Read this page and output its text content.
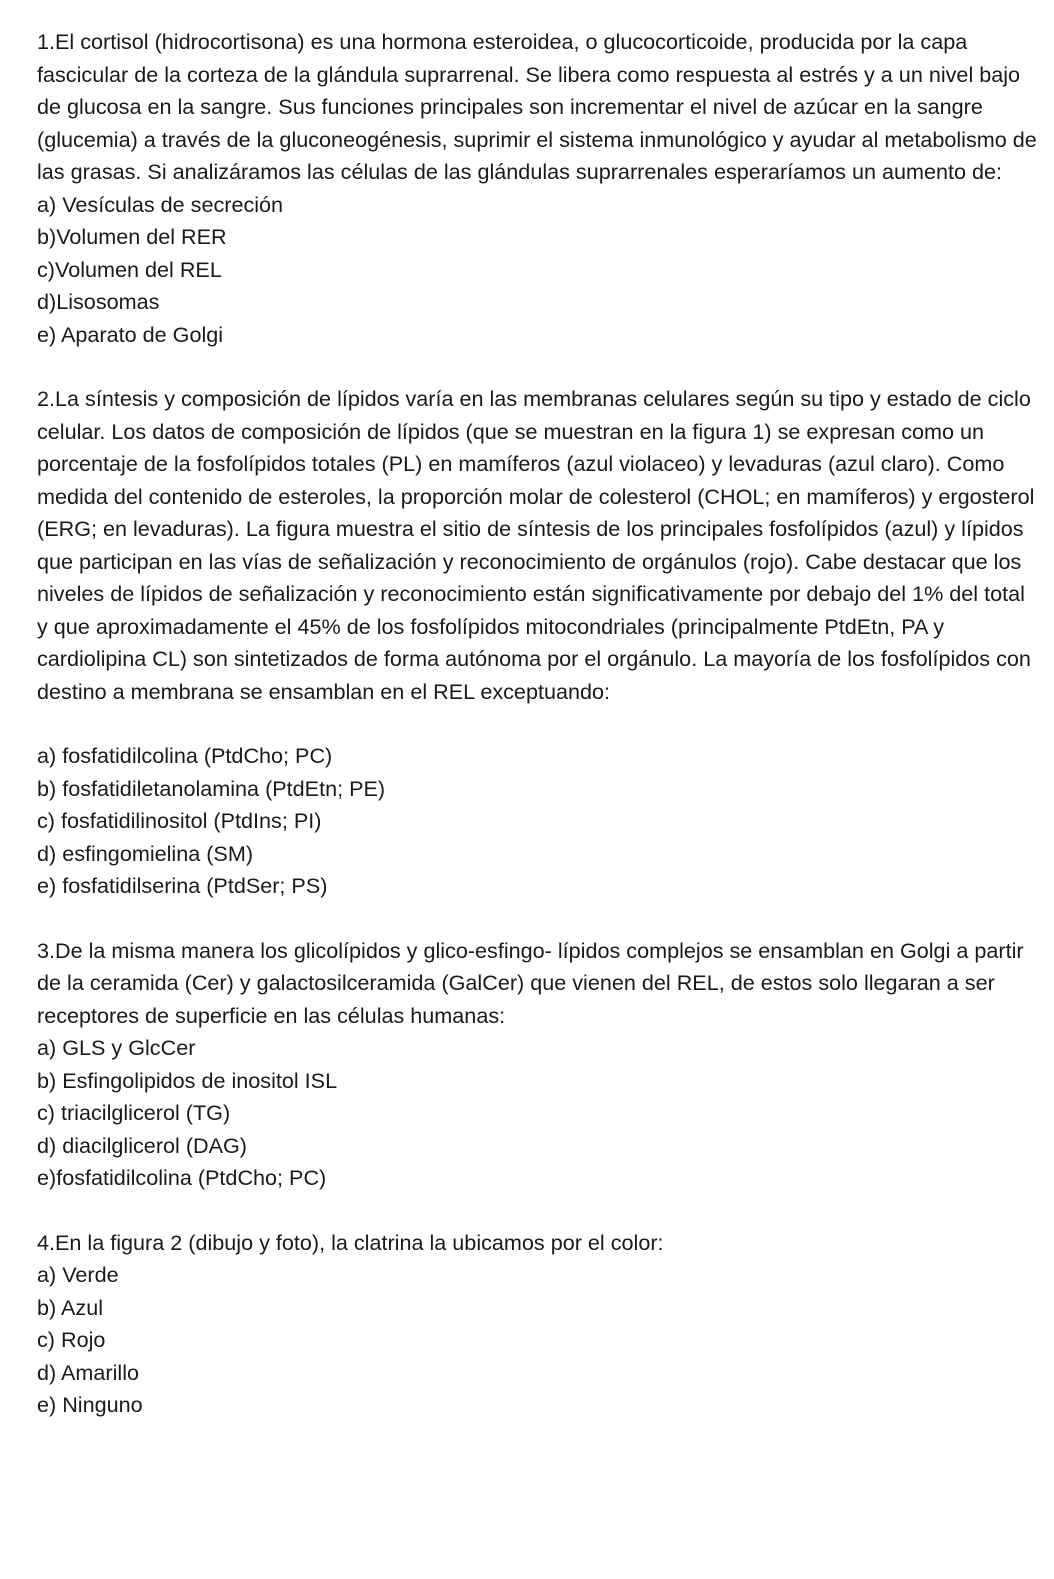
1.El cortisol (hidrocortisona) es una hormona esteroidea, o glucocorticoide, producida por la capa fascicular de la corteza de la glándula suprarrenal. Se libera como respuesta al estrés y a un nivel bajo de glucosa en la sangre. Sus funciones principales son incrementar el nivel de azúcar en la sangre (glucemia) a través de la gluconeogénesis, suprimir el sistema inmunológico y ayudar al metabolismo de las grasas. Si analizáramos las células de las glándulas suprarrenales esperaríamos un aumento de:

a) Vesículas de secreción
b)Volumen del RER
c)Volumen del REL
d)Lisosomas
e) Aparato de Golgi

2.La síntesis y composición de lípidos varía en las membranas celulares según su tipo y estado de ciclo celular. Los datos de composición de lípidos (que se muestran en la figura 1) se expresan como un porcentaje de la fosfolípidos totales (PL) en mamíferos (azul violaceo) y levaduras (azul claro). Como medida del contenido de esteroles, la proporción molar de colesterol (CHOL; en mamíferos) y ergosterol (ERG; en levaduras). La figura muestra el sitio de síntesis de los principales fosfolípidos (azul) y lípidos que participan en las vías de señalización y reconocimiento de orgánulos (rojo). Cabe destacar que los niveles de lípidos de señalización y reconocimiento están significativamente por debajo del 1% del total y que aproximadamente el 45% de los fosfolípidos mitocondriales (principalmente PtdEtn, PA y cardiolipina CL) son sintetizados de forma autónoma por el orgánulo. La mayoría de los fosfolípidos con destino a membrana se ensamblan en el REL exceptuando:

a) fosfatidilcolina (PtdCho; PC)
b) fosfatidiletanolamina (PtdEtn; PE)
c) fosfatidilinositol (PtdIns; PI)
d) esfingomielina (SM)
e) fosfatidilserina (PtdSer; PS)

3.De la misma manera los glicolípidos y glico-esfingo- lípidos complejos se ensamblan en Golgi a partir de la ceramida (Cer) y galactosilceramida (GalCer) que vienen del REL, de estos solo llegaran a ser receptores de superficie en las células humanas:

a) GLS y GlcCer
b) Esfingolipidos de inositol ISL
c) triacilglicerol (TG)
d) diacilglicerol (DAG)
e)fosfatidilcolina (PtdCho; PC)

4.En la figura 2 (dibujo y foto), la clatrina la ubicamos por el color:

a) Verde
b) Azul
c) Rojo
d) Amarillo
e) Ninguno
